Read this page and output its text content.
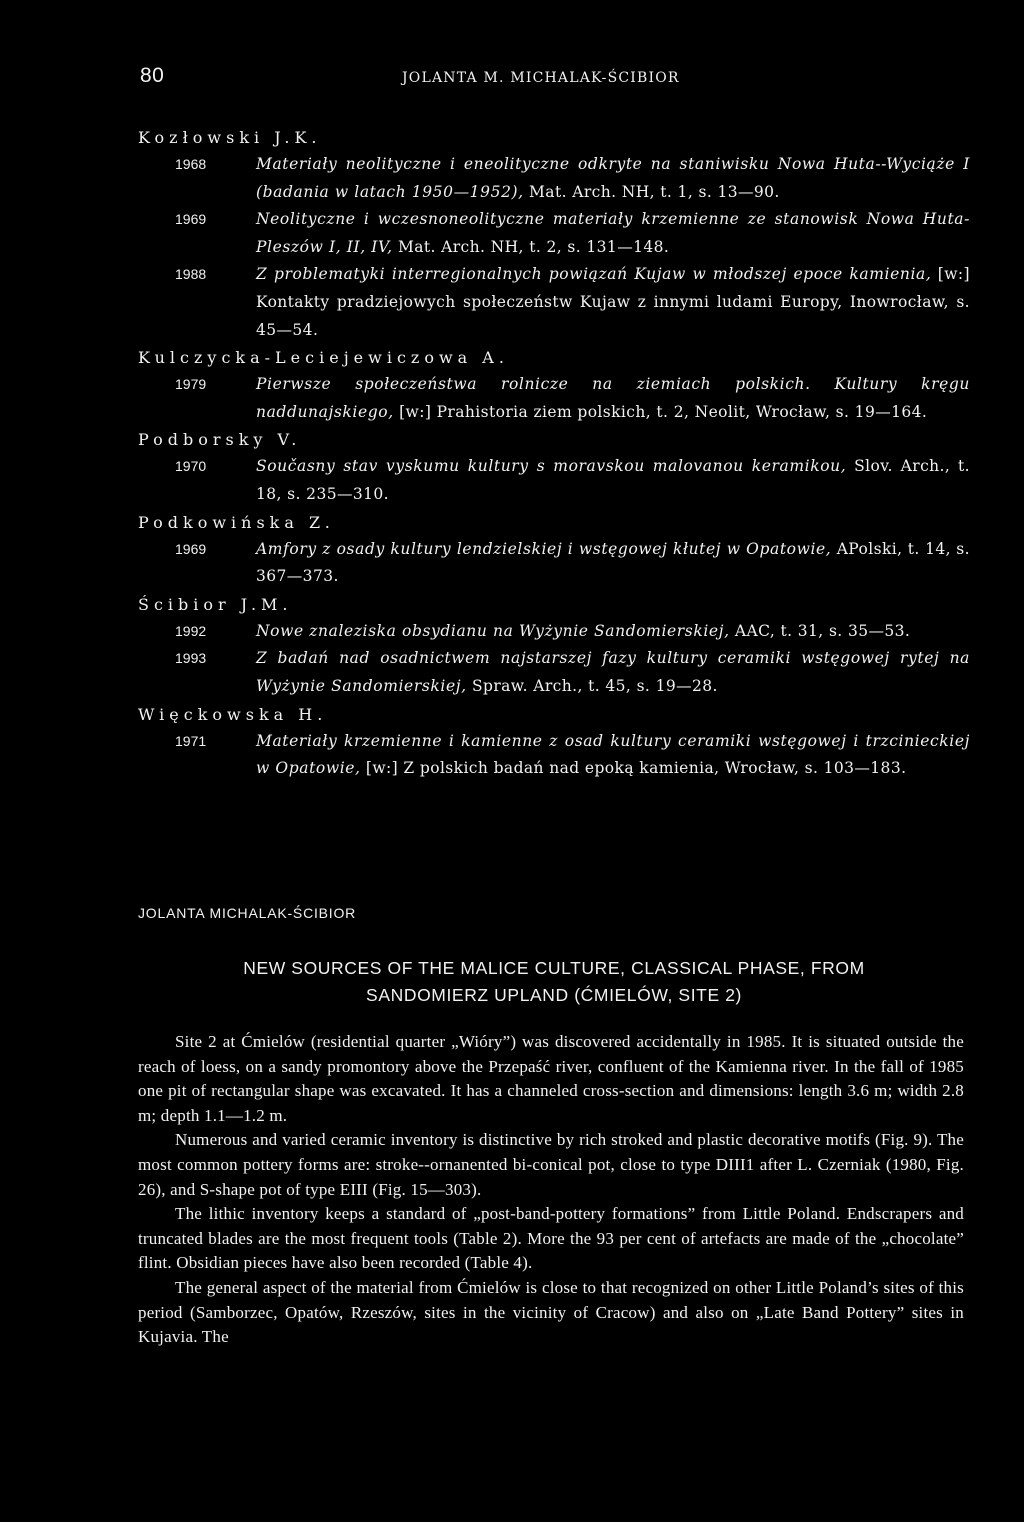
80	JOLANTA M. MICHALAK-ŚCIBIOR
Kozłowski J.K.
1968	Materiały neolityczne i eneolityczne odkryte na staniwisku Nowa Huta--Wyciąże I (badania w latach 1950—1952), Mat. Arch. NH, t. 1, s. 13—90.
1969	Neolityczne i wczesnoneolityczne materiały krzemienne ze stanowisk Nowa Huta-Pleszów I, II, IV, Mat. Arch. NH, t. 2, s. 131—148.
1988	Z problematyki interregionalnych powiązań Kujaw w młodszej epoce kamienia, [w:] Kontakty pradziejowych społeczeństw Kujaw z innymi ludami Europy, Inowrocław, s. 45—54.
Kulczycka-Leciejewiczowa A.
1979	Pierwsze społeczeństwa rolnicze na ziemiach polskich. Kultury kręgu naddunajskiego, [w:] Prahistoria ziem polskich, t. 2, Neolit, Wrocław, s. 19—164.
Podborsky V.
1970	Současny stav vyskumu kultury s moravskou malovanou keramikou, Slov. Arch., t. 18, s. 235—310.
Podkowińska Z.
1969	Amfory z osady kultury lendzielskiej i wstęgowej kłutej w Opatowie, APolski, t. 14, s. 367—373.
Ścibior J.M.
1992	Nowe znaleziska obsydianu na Wyżynie Sandomierskiej, AAC, t. 31, s. 35—53.
1993	Z badań nad osadnictwem najstarszej fazy kultury ceramiki wstęgowej rytej na Wyżynie Sandomierskiej, Spraw. Arch., t. 45, s. 19—28.
Więckowska H.
1971	Materiały krzemienne i kamienne z osad kultury ceramiki wstęgowej i trzcinieckiej w Opatowie, [w:] Z polskich badań nad epoką kamienia, Wrocław, s. 103—183.
JOLANTA MICHALAK-ŚCIBIOR
NEW SOURCES OF THE MALICE CULTURE, CLASSICAL PHASE, FROM
SANDOMIERZ UPLAND (ĆMIELÓW, SITE 2)

Site 2 at Ćmielów (residential quarter „Wióry”) was discovered accidentally in 1985. It is situated outside the reach of loess, on a sandy promontory above the Przepaść river, confluent of the Kamienna river. In the fall of 1985 one pit of rectangular shape was excavated. It has a channeled cross-section and dimensions: length 3.6 m; width 2.8 m; depth 1.1—1.2 m.

Numerous and varied ceramic inventory is distinctive by rich stroked and plastic decorative motifs (Fig. 9). The most common pottery forms are: stroke--ornanented bi-conical pot, close to type DIII1 after L. Czerniak (1980, Fig. 26), and S-shape pot of type EIII (Fig. 15—303).

The lithic inventory keeps a standard of „post-band-pottery formations” from Little Poland. Endscrapers and truncated blades are the most frequent tools (Table 2). More the 93 per cent of artefacts are made of the „chocolate” flint. Obsidian pieces have also been recorded (Table 4).

The general aspect of the material from Ćmielów is close to that recognized on other Little Poland’s sites of this period (Samborzec, Opatów, Rzeszów, sites in the vicinity of Cracow) and also on „Late Band Pottery” sites in Kujavia. The
